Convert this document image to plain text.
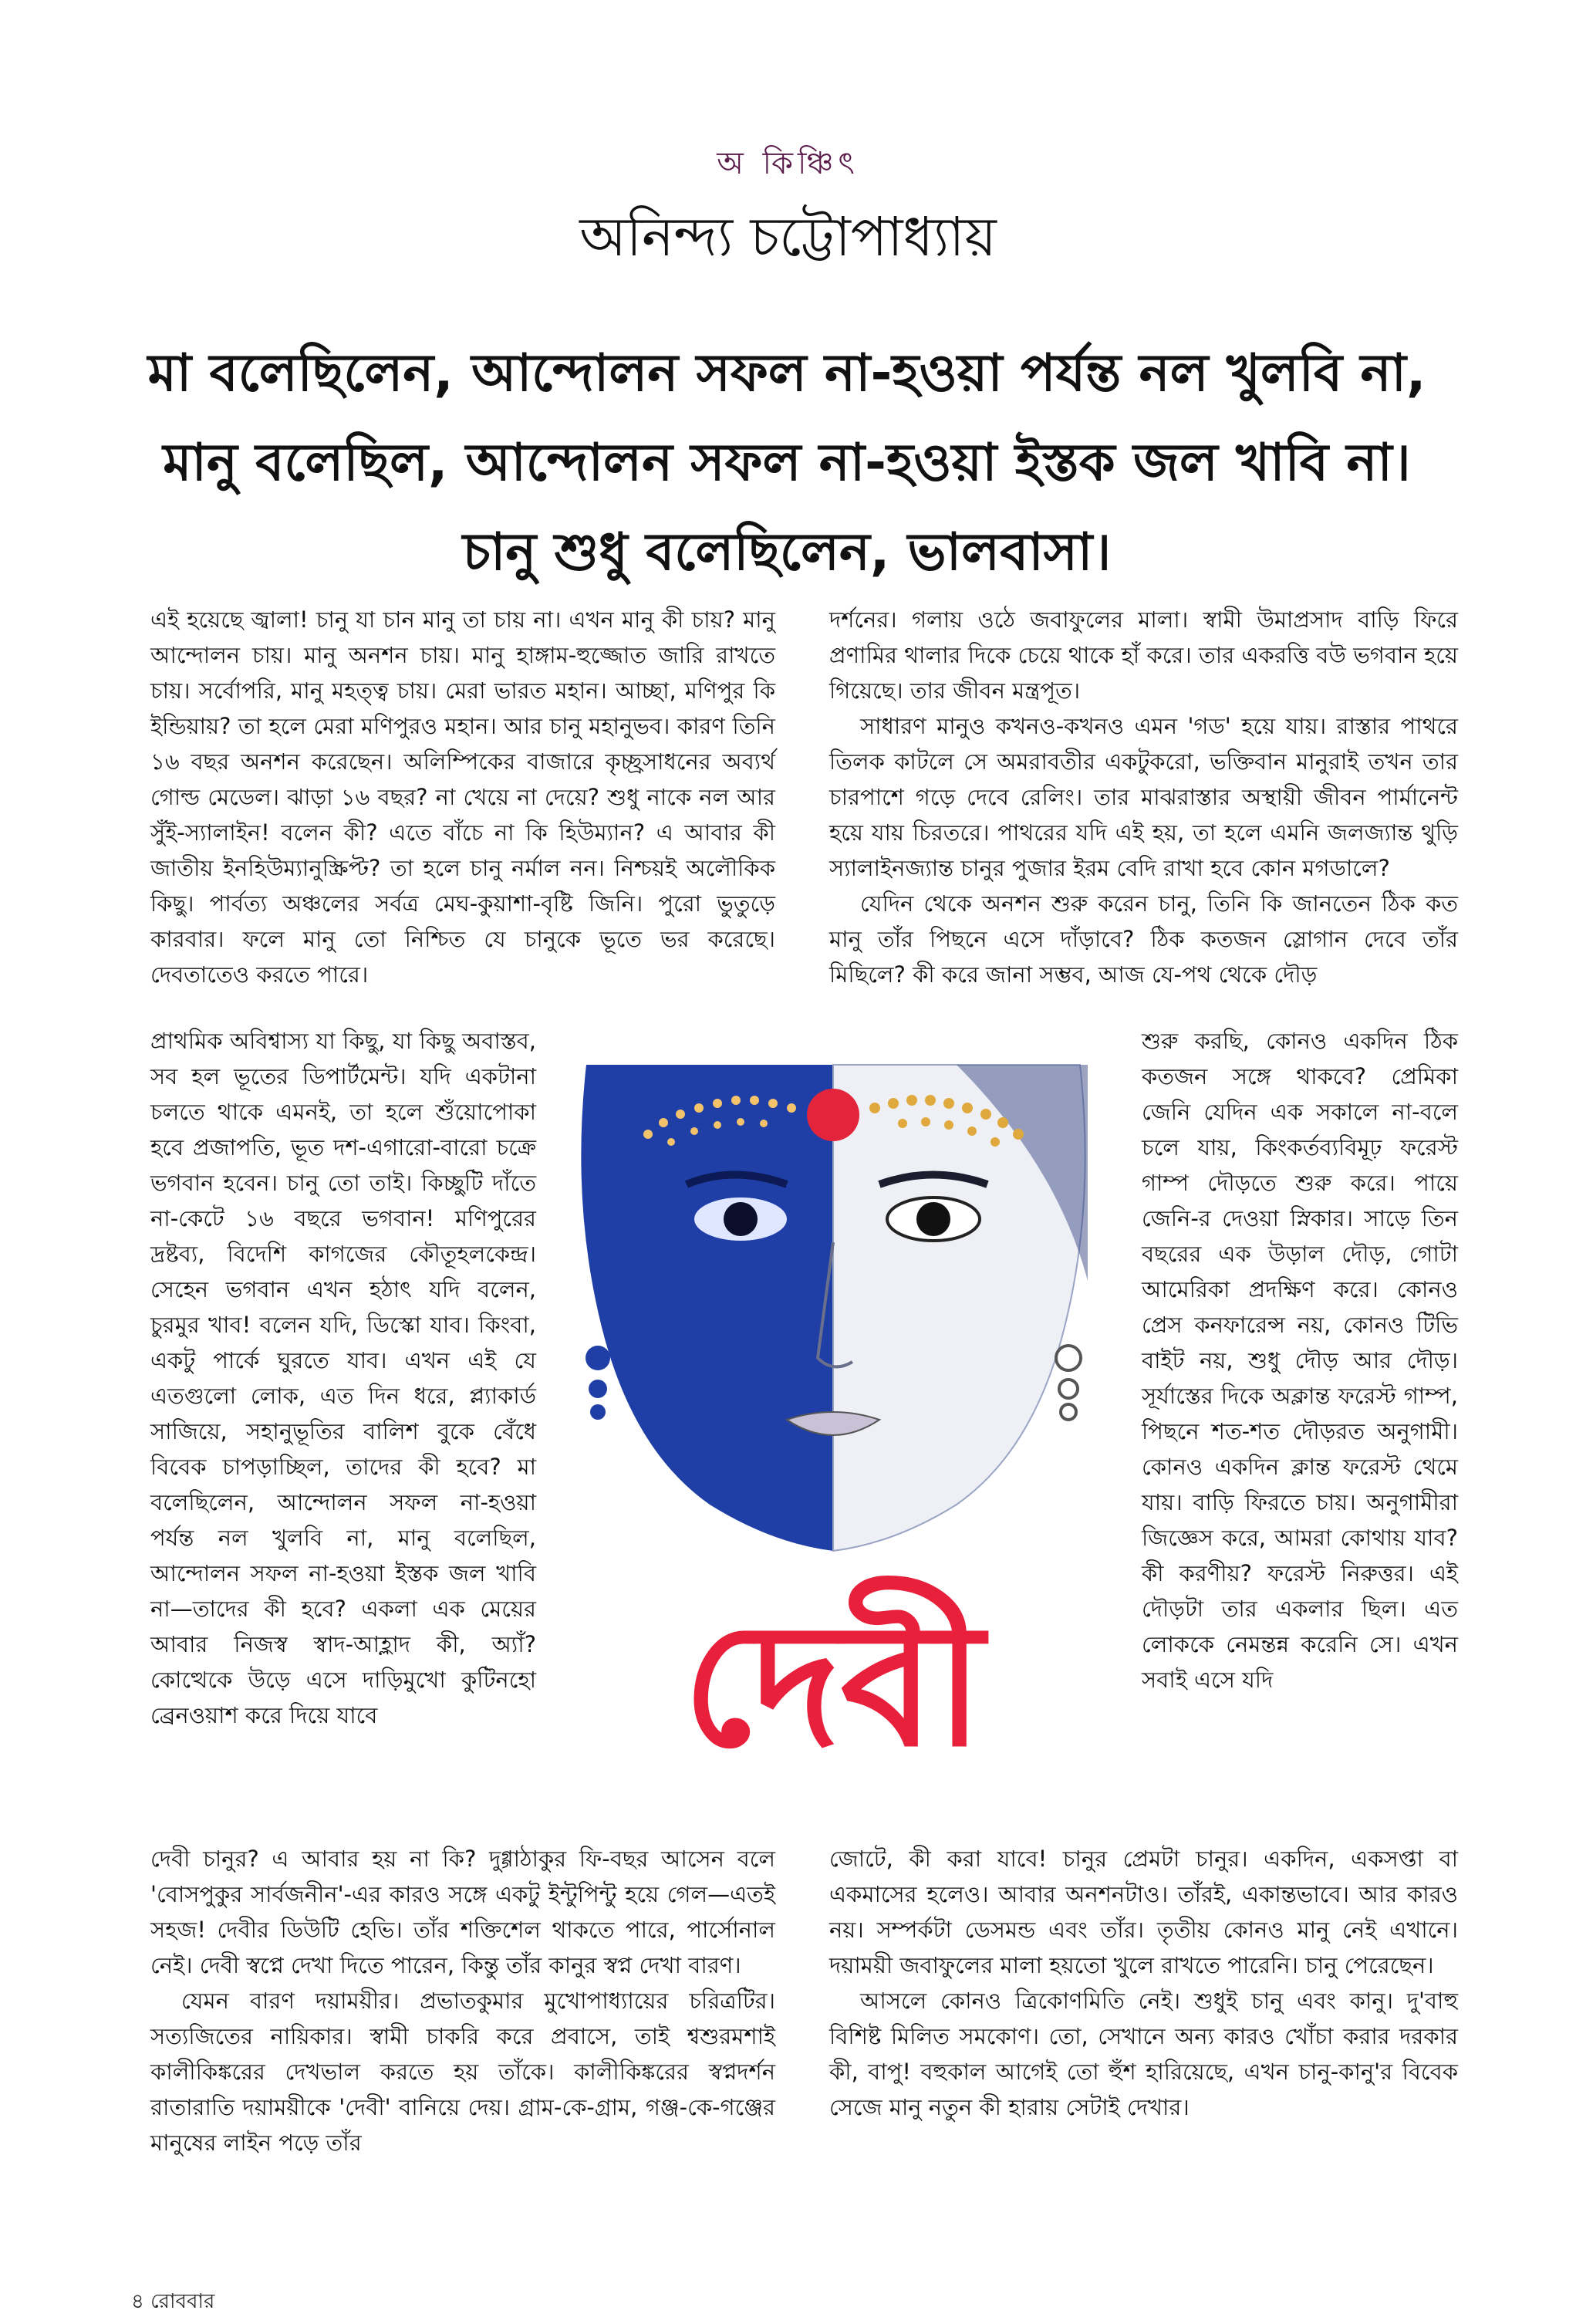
অ কিঞ্চিৎ
অনিন্দ্য চট্টোপাধ্যায়
মা বলেছিলেন, আন্দোলন সফল না-হওয়া পর্যন্ত নল খুলবি না, মানু বলেছিল, আন্দোলন সফল না-হওয়া ইস্তক জল খাবি না। চানু শুধু বলেছিলেন, ভালবাসা।

এই হয়েছে জ্বালা! চানু যা চান মানু তা চায় না। এখন মানু কী চায়? মানু আন্দোলন চায়। মানু অনশন চায়। মানু হাঙ্গাম-হুজ্জোত জারি রাখতে চায়। সর্বোপরি, মানু মহত্ত্ব চায়। মেরা ভারত মহান। আচ্ছা, মণিপুর কি ইন্ডিয়ায়? তা হলে মেরা মণিপুরও মহান। আর চানু মহানুভব। কারণ তিনি ১৬ বছর অনশন করেছেন। অলিম্পিকের বাজারে কৃচ্ছ্রসাধনের অব্যর্থ গোল্ড মেডেল। ঝাড়া ১৬ বছর? না খেয়ে না দেয়ে? শুধু নাকে নল আর সুঁই-স্যালাইন! বলেন কী? এতে বাঁচে না কি হিউম্যান? এ আবার কী জাতীয় ইনহিউম্যানুস্ক্রিপ্ট? তা হলে চানু নর্মাল নন। নিশ্চয়ই অলৌকিক কিছু। পার্বত্য অঞ্চলের সর্বত্র মেঘ-কুয়াশা-বৃষ্টি জিনি। পুরো ভুতুড়ে কারবার। ফলে মানু তো নিশ্চিত যে চানুকে ভূতে ভর করেছে। দেবতাতেও করতে পারে।

প্রাথমিক অবিশ্বাস্য যা কিছু, যা কিছু অবাস্তব, সব হল ভূতের ডিপার্টমেন্ট। যদি একটানা চলতে থাকে এমনই, তা হলে শুঁয়োপোকা হবে প্রজাপতি, ভূত দশ-এগারো-বারো চক্রে ভগবান হবেন। চানু তো তাই। কিচ্ছুটি দাঁতে না-কেটে ১৬ বছরে ভগবান! মণিপুরের দ্রষ্টব্য, বিদেশি কাগজের কৌতূহলকেন্দ্র। সেহেন ভগবান এখন হঠাৎ যদি বলেন, চুরমুর খাব! বলেন যদি, ডিস্কো যাব। কিংবা, একটু পার্কে ঘুরতে যাব। এখন এই যে এতগুলো লোক, এত দিন ধরে, প্ল্যাকার্ড সাজিয়ে, সহানুভূতির বালিশ বুকে বেঁধে বিবেক চাপড়াচ্ছিল, তাদের কী হবে? মা বলেছিলেন, আন্দোলন সফল না-হওয়া পর্যন্ত নল খুলবি না, মানু বলেছিল, আন্দোলন সফল না-হওয়া ইস্তক জল খাবি না—তাদের কী হবে? একলা এক মেয়ের আবার নিজস্ব স্বাদ-আহ্লাদ কী, অ্যাঁ? কোত্থেকে উড়ে এসে দাড়িমুখো কুটিনহো ব্রেনওয়াশ করে দিয়ে যাবে

দেবী চানুর? এ আবার হয় না কি? দুগ্গাঠাকুর ফি-বছর আসেন বলে 'বোসপুকুর সার্বজনীন'-এর কারও সঙ্গে একটু ইন্টুপিন্টু হয়ে গেল—এতই সহজ! দেবীর ডিউটি হেভি। তাঁর শক্তিশেল থাকতে পারে, পার্সোনাল নেই। দেবী স্বপ্নে দেখা দিতে পারেন, কিন্তু তাঁর কানুর স্বপ্ন দেখা বারণ।

যেমন বারণ দয়াময়ীর। প্রভাতকুমার মুখোপাধ্যায়ের চরিত্রটির। সত্যজিতের নায়িকার। স্বামী চাকরি করে প্রবাসে, তাই শ্বশুরমশাই কালীকিঙ্করের দেখভাল করতে হয় তাঁকে। কালীকিঙ্করের স্বপ্নদর্শন রাতারাতি দয়াময়ীকে 'দেবী' বানিয়ে দেয়। গ্রাম-কে-গ্রাম, গঞ্জ-কে-গঞ্জের মানুষের লাইন পড়ে তাঁর

দর্শনের। গলায় ওঠে জবাফুলের মালা। স্বামী উমাপ্রসাদ বাড়ি ফিরে প্রণামির থালার দিকে চেয়ে থাকে হাঁ করে। তার একরত্তি বউ ভগবান হয়ে গিয়েছে। তার জীবন মন্ত্রপূত।

সাধারণ মানুও কখনও-কখনও এমন 'গড' হয়ে যায়। রাস্তার পাথরে তিলক কাটলে সে অমরাবতীর একটুকরো, ভক্তিবান মানুরাই তখন তার চারপাশে গড়ে দেবে রেলিং। তার মাঝরাস্তার অস্থায়ী জীবন পার্মানেন্ট হয়ে যায় চিরতরে। পাথরের যদি এই হয়, তা হলে এমনি জলজ্যান্ত থুড়ি স্যালাইনজ্যান্ত চানুর পুজার ইরম বেদি রাখা হবে কোন মগডালে?

যেদিন থেকে অনশন শুরু করেন চানু, তিনি কি জানতেন ঠিক কত মানু তাঁর পিছনে এসে দাঁড়াবে? ঠিক কতজন স্লোগান দেবে তাঁর মিছিলে? কী করে জানা সম্ভব, আজ যে-পথ থেকে দৌড়

শুরু করছি, কোনও একদিন ঠিক কতজন সঙ্গে থাকবে? প্রেমিকা জেনি যেদিন এক সকালে না-বলে চলে যায়, কিংকর্তব্যবিমূঢ় ফরেস্ট গাম্প দৌড়তে শুরু করে। পায়ে জেনি-র দেওয়া স্নিকার। সাড়ে তিন বছরের এক উড়াল দৌড়, গোটা আমেরিকা প্রদক্ষিণ করে। কোনও প্রেস কনফারেন্স নয়, কোনও টিভি বাইট নয়, শুধু দৌড় আর দৌড়। সূর্যাস্তের দিকে অক্লান্ত ফরেস্ট গাম্প, পিছনে শত-শত দৌড়রত অনুগামী। কোনও একদিন ক্লান্ত ফরেস্ট থেমে যায়। বাড়ি ফিরতে চায়। অনুগামীরা জিজ্ঞেস করে, আমরা কোথায় যাব? কী করণীয়? ফরেস্ট নিরুত্তর। এই দৌড়টা তার একলার ছিল। এত লোককে নেমন্তন্ন করেনি সে। এখন সবাই এসে যদি

জোটে, কী করা যাবে! চানুর প্রেমটা চানুর। একদিন, একসপ্তা বা একমাসের হলেও। আবার অনশনটাও। তাঁরই, একান্তভাবে। আর কারও নয়। সম্পর্কটা ডেসমন্ড এবং তাঁর। তৃতীয় কোনও মানু নেই এখানে। দয়াময়ী জবাফুলের মালা হয়তো খুলে রাখতে পারেনি। চানু পেরেছেন।

আসলে কোনও ত্রিকোণমিতি নেই। শুধুই চানু এবং কানু। দু'বাহু বিশিষ্ট মিলিত সমকোণ। তো, সেখানে অন্য কারও খোঁচা করার দরকার কী, বাপু! বহুকাল আগেই তো হুঁশ হারিয়েছে, এখন চানু-কানু'র বিবেক সেজে মানু নতুন কী হারায় সেটাই দেখার।

দেবী
৪ রোববার
